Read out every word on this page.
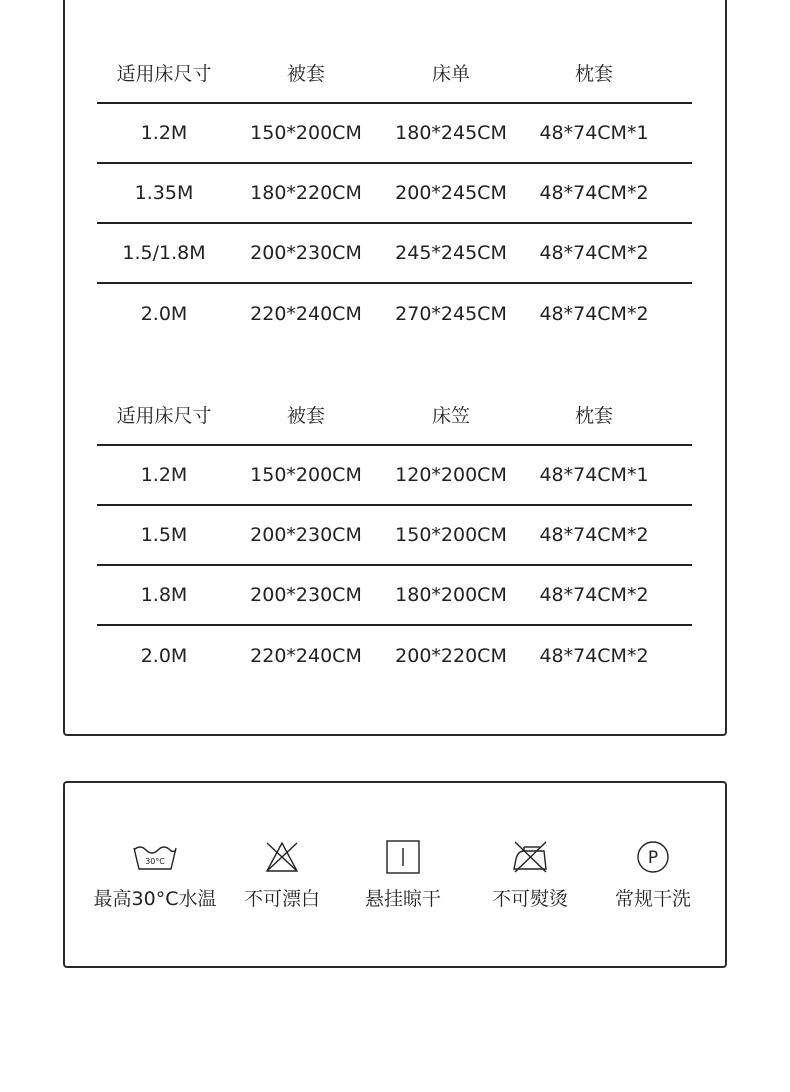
适用床尺寸	被套	床单	枕套
1.2M	150*200CM	180*245CM	48*74CM*1
1.35M	180*220CM	200*245CM	48*74CM*2
1.5/1.8M	200*230CM	245*245CM	48*74CM*2
2.0M	220*240CM	270*245CM	48*74CM*2
适用床尺寸	被套	床笠	枕套
1.2M	150*200CM	120*200CM	48*74CM*1
1.5M	200*230CM	150*200CM	48*74CM*2
1.8M	200*230CM	180*200CM	48*74CM*2
2.0M	220*240CM	200*220CM	48*74CM*2
30°C
最高30°C水温 不可漂白 悬挂晾干	不可熨烫
P
常规干洗
